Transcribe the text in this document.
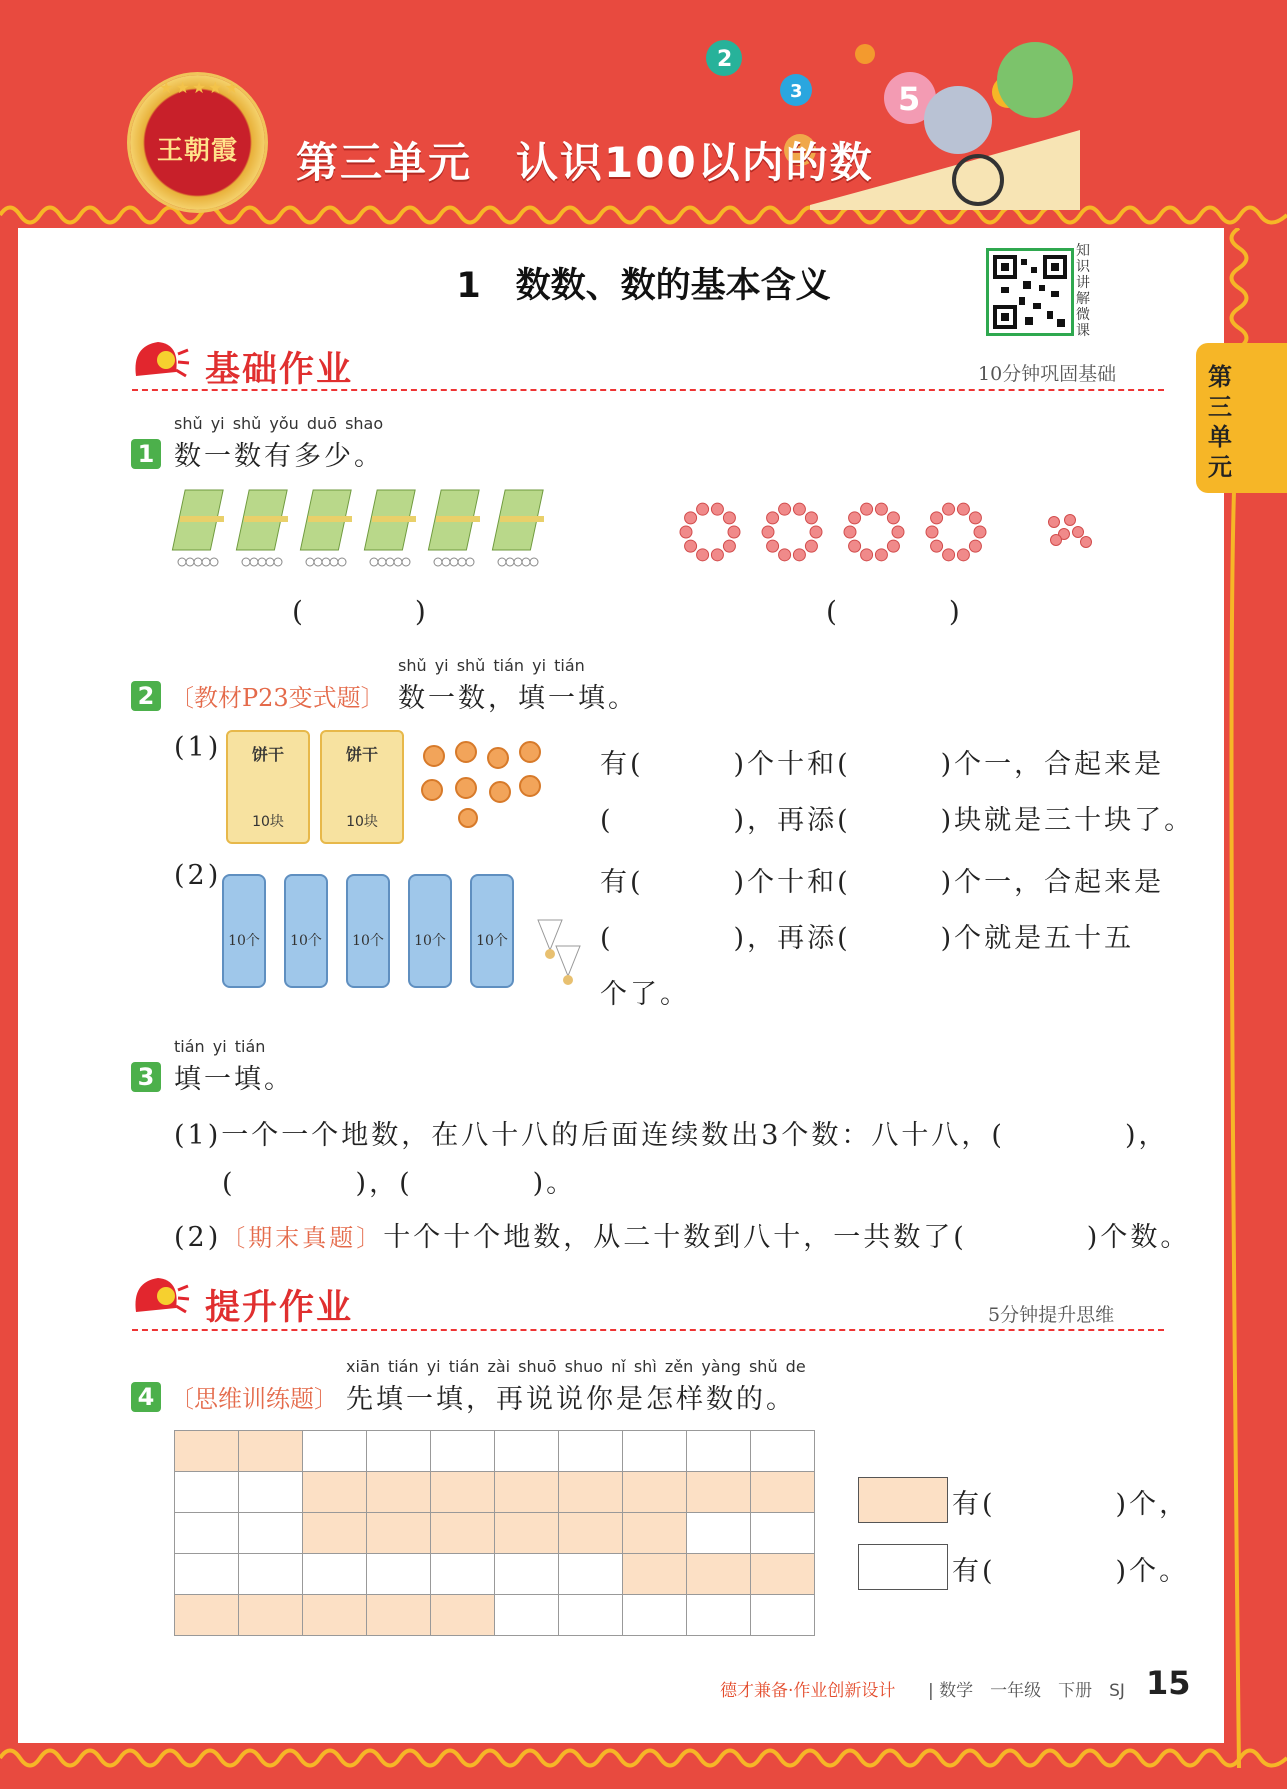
2
3	5
★★★★★
王朝霞 第三单元　认识100以内的数
1　数数、数的基本含义
知
识
讲
解
微
课
第
三
单
元
基础作业	10分钟巩固基础
shǔ yi shǔ yǒu duō shao
1 数一数有多少。
(　　　　)	(　　　　)
shǔ yi shǔ tián yi tián
2 〔教材P23变式题〕 数一数，填一填。
(1)	饼干
10块
饼干
10块
有(　　　)个十和(　　　)个一，合起来是
(　　　　)，再添(　　　)块就是三十块了。
(2)
10个 10个 10个 10个 10个
有(　　　)个十和(　　　)个一，合起来是
(　　　　)，再添(　　　)个就是五十五
个了。
tián yi tián
3 填一填。
(1)一个一个地数，在八十八的后面连续数出3个数：八十八，(　　　　)，
(　　　　)，(　　　　)。
(2)〔期末真题〕十个十个地数，从二十数到八十，一共数了(　　　　)个数。
提升作业	5分钟提升思维
xiān tián yi tián zài shuō shuo nǐ shì zěn yàng shǔ de
4 〔思维训练题〕 先填一填，再说说你是怎样数的。

有(　　　　)个，
有(　　　　)个。
德才兼备·作业创新设计 | 数学　一年级　下册　SJ 15
